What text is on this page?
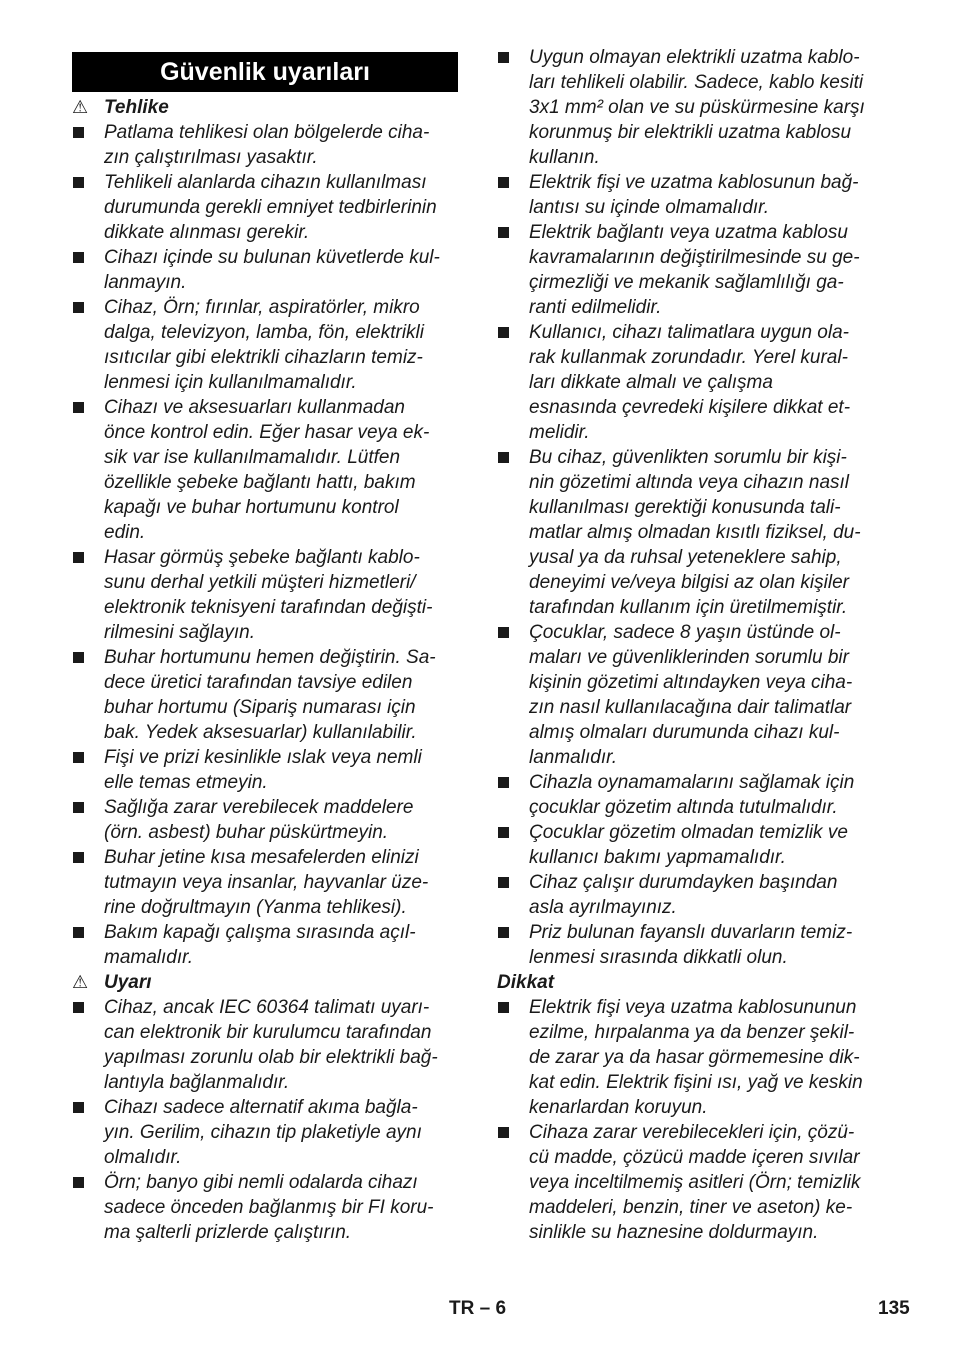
Güvenlik uyarıları
⚠ Tehlike
Patlama tehlikesi olan bölgelerde ciha-
zın çalıştırılması yasaktır.
Tehlikeli alanlarda cihazın kullanılması
durumunda gerekli emniyet tedbirlerinin
dikkate alınması gerekir.
Cihazı içinde su bulunan küvetlerde kul-
lanmayın.
Cihaz, Örn; fırınlar, aspiratörler, mikro
dalga, televizyon, lamba, fön, elektrikli
ısıtıcılar gibi elektrikli cihazların temiz-
lenmesi için kullanılmamalıdır.
Cihazı ve aksesuarları kullanmadan
önce kontrol edin. Eğer hasar veya ek-
sik var ise kullanılmamalıdır. Lütfen
özellikle şebeke bağlantı hattı, bakım
kapağı ve buhar hortumunu kontrol
edin.
Hasar görmüş şebeke bağlantı kablo-
sunu derhal yetkili müşteri hizmetleri/
elektronik teknisyeni tarafından değişti-
rilmesini sağlayın.
Buhar hortumunu hemen değiştirin. Sa-
dece üretici tarafından tavsiye edilen
buhar hortumu (Sipariş numarası için
bak. Yedek aksesuarlar) kullanılabilir.
Fişi ve prizi kesinlikle ıslak veya nemli
elle temas etmeyin.
Sağlığa zarar verebilecek maddelere
(örn. asbest) buhar püskürtmeyin.
Buhar jetine kısa mesafelerden elinizi
tutmayın veya insanlar, hayvanlar üze-
rine doğrultmayın (Yanma tehlikesi).
Bakım kapağı çalışma sırasında açıl-
mamalıdır.
⚠ Uyarı
Cihaz, ancak IEC 60364 talimatı uyarı-
can elektronik bir kurulumcu tarafından
yapılması zorunlu olab bir elektrikli bağ-
lantıyla bağlanmalıdır.
Cihazı sadece alternatif akıma bağla-
yın. Gerilim, cihazın tip plaketiyle aynı
olmalıdır.
Örn; banyo gibi nemli odalarda cihazı
sadece önceden bağlanmış bir FI koru-
ma şalterli prizlerde çalıştırın.
Uygun olmayan elektrikli uzatma kablo-
ları tehlikeli olabilir. Sadece, kablo kesiti
3x1 mm² olan ve su püskürmesine karşı
korunmuş bir elektrikli uzatma kablosu
kullanın.
Elektrik fişi ve uzatma kablosunun bağ-
lantısı su içinde olmamalıdır.
Elektrik bağlantı veya uzatma kablosu
kavramalarının değiştirilmesinde su ge-
çirmezliği ve mekanik sağlamlılığı ga-
ranti edilmelidir.
Kullanıcı, cihazı talimatlara uygun ola-
rak kullanmak zorundadır. Yerel kural-
ları dikkate almalı ve çalışma
esnasında çevredeki kişilere dikkat et-
melidir.
Bu cihaz, güvenlikten sorumlu bir kişi-
nin gözetimi altında veya cihazın nasıl
kullanılması gerektiği konusunda tali-
matlar almış olmadan kısıtlı fiziksel, du-
yusal ya da ruhsal yeteneklere sahip,
deneyimi ve/veya bilgisi az olan kişiler
tarafından kullanım için üretilmemiştir.
Çocuklar, sadece 8 yaşın üstünde ol-
maları ve güvenliklerinden sorumlu bir
kişinin gözetimi altındayken veya ciha-
zın nasıl kullanılacağına dair talimatlar
almış olmaları durumunda cihazı kul-
lanmalıdır.
Cihazla oynamamalarını sağlamak için
çocuklar gözetim altında tutulmalıdır.
Çocuklar gözetim olmadan temizlik ve
kullanıcı bakımı yapmamalıdır.
Cihaz çalışır durumdayken başından
asla ayrılmayınız.
Priz bulunan fayanslı duvarların temiz-
lenmesi sırasında dikkatli olun.
Dikkat
Elektrik fişi veya uzatma kablosununun
ezilme, hırpalanma ya da benzer şekil-
de zarar ya da hasar görmemesine dik-
kat edin. Elektrik fişini ısı, yağ ve keskin
kenarlardan koruyun.
Cihaza zarar verebilecekleri için, çözü-
cü madde, çözücü madde içeren sıvılar
veya inceltilmemiş asitleri (Örn; temizlik
maddeleri, benzin, tiner ve aseton) ke-
sinlikle su haznesine doldurmayın.
TR – 6	135
